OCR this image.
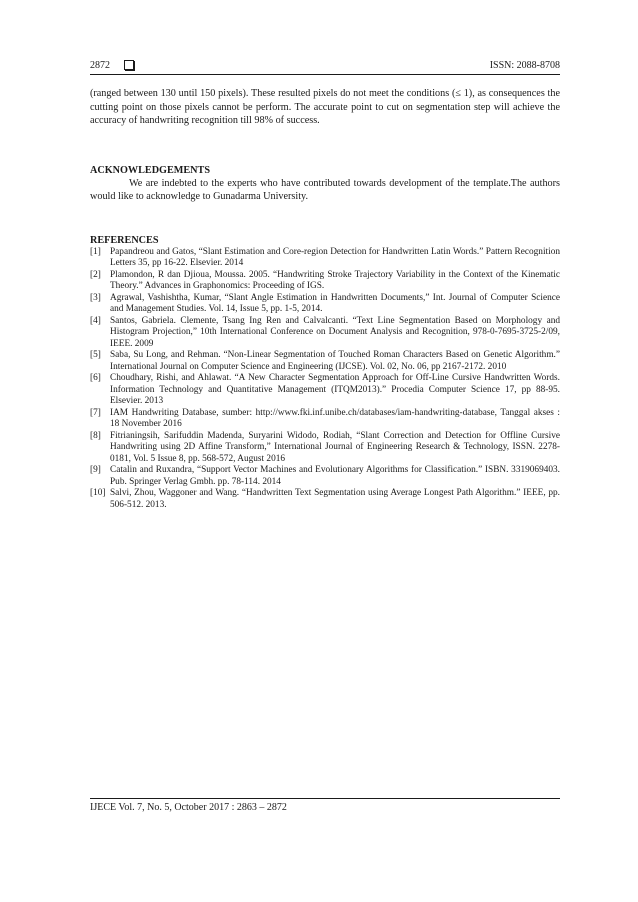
2872	ISSN: 2088-8708

(ranged between 130 until 150 pixels). These resulted pixels do not meet the conditions (≤ 1), as consequences the cutting point on those pixels cannot be perform. The accurate point to cut on segmentation step will achieve the accuracy of handwriting recognition till 98% of success.

ACKNOWLEDGEMENTS

We are indebted to the experts who have contributed towards development of the template.The authors would like to acknowledge to Gunadarma University.

REFERENCES
[1] Papandreou and Gatos, “Slant Estimation and Core-region Detection for Handwritten Latin Words.” Pattern Recognition Letters 35, pp 16-22. Elsevier. 2014
[2] Plamondon, R dan Djioua, Moussa. 2005. “Handwriting Stroke Trajectory Variability in the Context of the Kinematic Theory.” Advances in Graphonomics: Proceeding of IGS.
[3] Agrawal, Vashishtha, Kumar, “Slant Angle Estimation in Handwritten Documents,” Int. Journal of Computer Science and Management Studies. Vol. 14, Issue 5, pp. 1-5, 2014.
[4] Santos, Gabriela. Clemente, Tsang Ing Ren and Calvalcanti. “Text Line Segmentation Based on Morphology and Histogram Projection,” 10th International Conference on Document Analysis and Recognition, 978-0-7695-3725-2/09, IEEE. 2009
[5] Saba, Su Long, and Rehman. “Non-Linear Segmentation of Touched Roman Characters Based on Genetic Algorithm.” International Journal on Computer Science and Engineering (IJCSE). Vol. 02, No. 06, pp 2167-2172. 2010
[6] Choudhary, Rishi, and Ahlawat. “A New Character Segmentation Approach for Off-Line Cursive Handwritten Words. Information Technology and Quantitative Management (ITQM2013).” Procedia Computer Science 17, pp 88-95. Elsevier. 2013
[7] IAM Handwriting Database, sumber: http://www.fki.inf.unibe.ch/databases/iam-handwriting-database, Tanggal akses : 18 November 2016
[8] Fitrianingsih, Sarifuddin Madenda, Suryarini Widodo, Rodiah, “Slant Correction and Detection for Offline Cursive Handwriting using 2D Affine Transform,” International Journal of Engineering Research & Technology, ISSN. 2278-0181, Vol. 5 Issue 8, pp. 568-572, August 2016
[9] Catalin and Ruxandra, “Support Vector Machines and Evolutionary Algorithms for Classification.” ISBN. 3319069403. Pub. Springer Verlag Gmbh. pp. 78-114. 2014
[10] Salvi, Zhou, Waggoner and Wang. “Handwritten Text Segmentation using Average Longest Path Algorithm.” IEEE, pp. 506-512. 2013.
IJECE Vol. 7, No. 5, October 2017 : 2863 – 2872
